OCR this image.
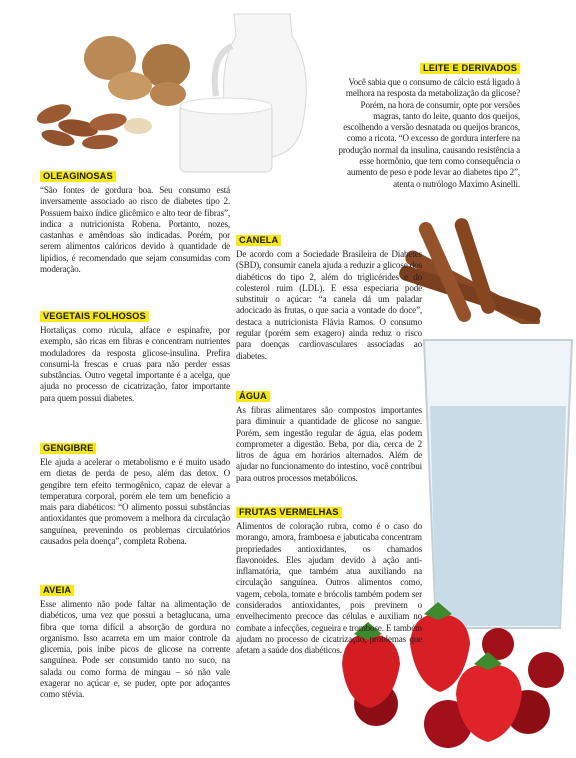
OLEAGINOSAS

“São fontes de gordura boa. Seu consumo está inversamente associado ao risco de diabetes tipo 2. Possuem baixo índice glicêmico e alto teor de fibras”, indica a nutricionista Robena. Portanto, nozes, castanhas e amêndoas são indicadas. Porém, por serem alimentos calóricos devido à quantidade de lipídios, é recomendado que sejam consumidas com moderação.

VEGETAIS FOLHOSOS

Hortaliças como rúcula, alface e espinafre, por exemplo, são ricas em fibras e concentram nutrientes moduladores da resposta glicose-insulina. Prefira consumi-la frescas e cruas para não perder essas substâncias. Outro vegetal importante é a acelga, que ajuda no processo de cicatrização, fator importante para quem possui diabetes.

GENGIBRE

Ele ajuda a acelerar o metabolismo e é muito usado em dietas de perda de peso, além das detox. O gengibre tem efeito termogênico, capaz de elevar a temperatura corporal, porém ele tem um benefício a mais para diabéticos: “O alimento possui substâncias antioxidantes que promovem a melhora da circulação sanguínea, prevenindo os problemas circulatórios causados pela doença”, completa Robena.

AVEIA

Esse alimento não pode faltar na alimentação de diabéticos, uma vez que possui a betaglucana, uma fibra que torna difícil a absorção de gordura no organismo. Isso acarreta em um maior controle da glicemia, pois inibe picos de glicose na corrente sanguínea. Pode ser consumido tanto no suco, na salada ou como forma de mingau – só não vale exagerar no açúcar e, se puder, opte por adoçantes como stévia.

LEITE E DERIVADOS

Você sabia que o consumo de cálcio está ligado à melhora na resposta da metabolização da glicose? Porém, na hora de consumir, opte por versões magras, tanto do leite, quanto dos queijos, escolhendo a versão desnatada ou queijos brancos, como a ricota. “O excesso de gordura interfere na produção normal da insulina, causando resistência a esse hormônio, que tem como consequência o aumento de peso e pode levar ao diabetes tipo 2”, atenta o nutrólogo Maximo Asinelli.

CANELA

De acordo com a Sociedade Brasileira de Diabetes (SBD), consumir canela ajuda a reduzir a glicose dos diabéticos do tipo 2, além do triglicérides e do colesterol ruim (LDL). E essa especiaria pode substituir o açúcar: “a canela dá um paladar adocicado às frutas, o que sacia a vontade do doce”, destaca a nutricionista Flávia Ramos. O consumo regular (porém sem exagero) ainda reduz o risco para doenças cardiovasculares associadas ao diabetes.

ÁGUA

As fibras alimentares são compostos importantes para diminuir a quantidade de glicose no sangue. Porém, sem ingestão regular de água, elas podem comprometer a digestão. Beba, por dia, cerca de 2 litros de água em horários alternados. Além de ajudar no funcionamento do intestino, você contribui para outros processos metabólicos.

FRUTAS VERMELHAS

Alimentos de coloração rubra, como é o caso do morango, amora, framboesa e jabuticaba concentram propriedades antioxidantes, os chamados flavonoides. Eles ajudam devido à ação anti-inflamatória, que também atua auxiliando na circulação sanguínea. Outros alimentos como, vagem, cebola, tomate e brócolis também podem ser considerados antioxidantes, pois previnem o envelhecimento precoce das células e auxiliam no combate a infecções, cegueira e trombose. E também ajudam no processo de cicatrização, problemas que afetam a saúde dos diabéticos.
